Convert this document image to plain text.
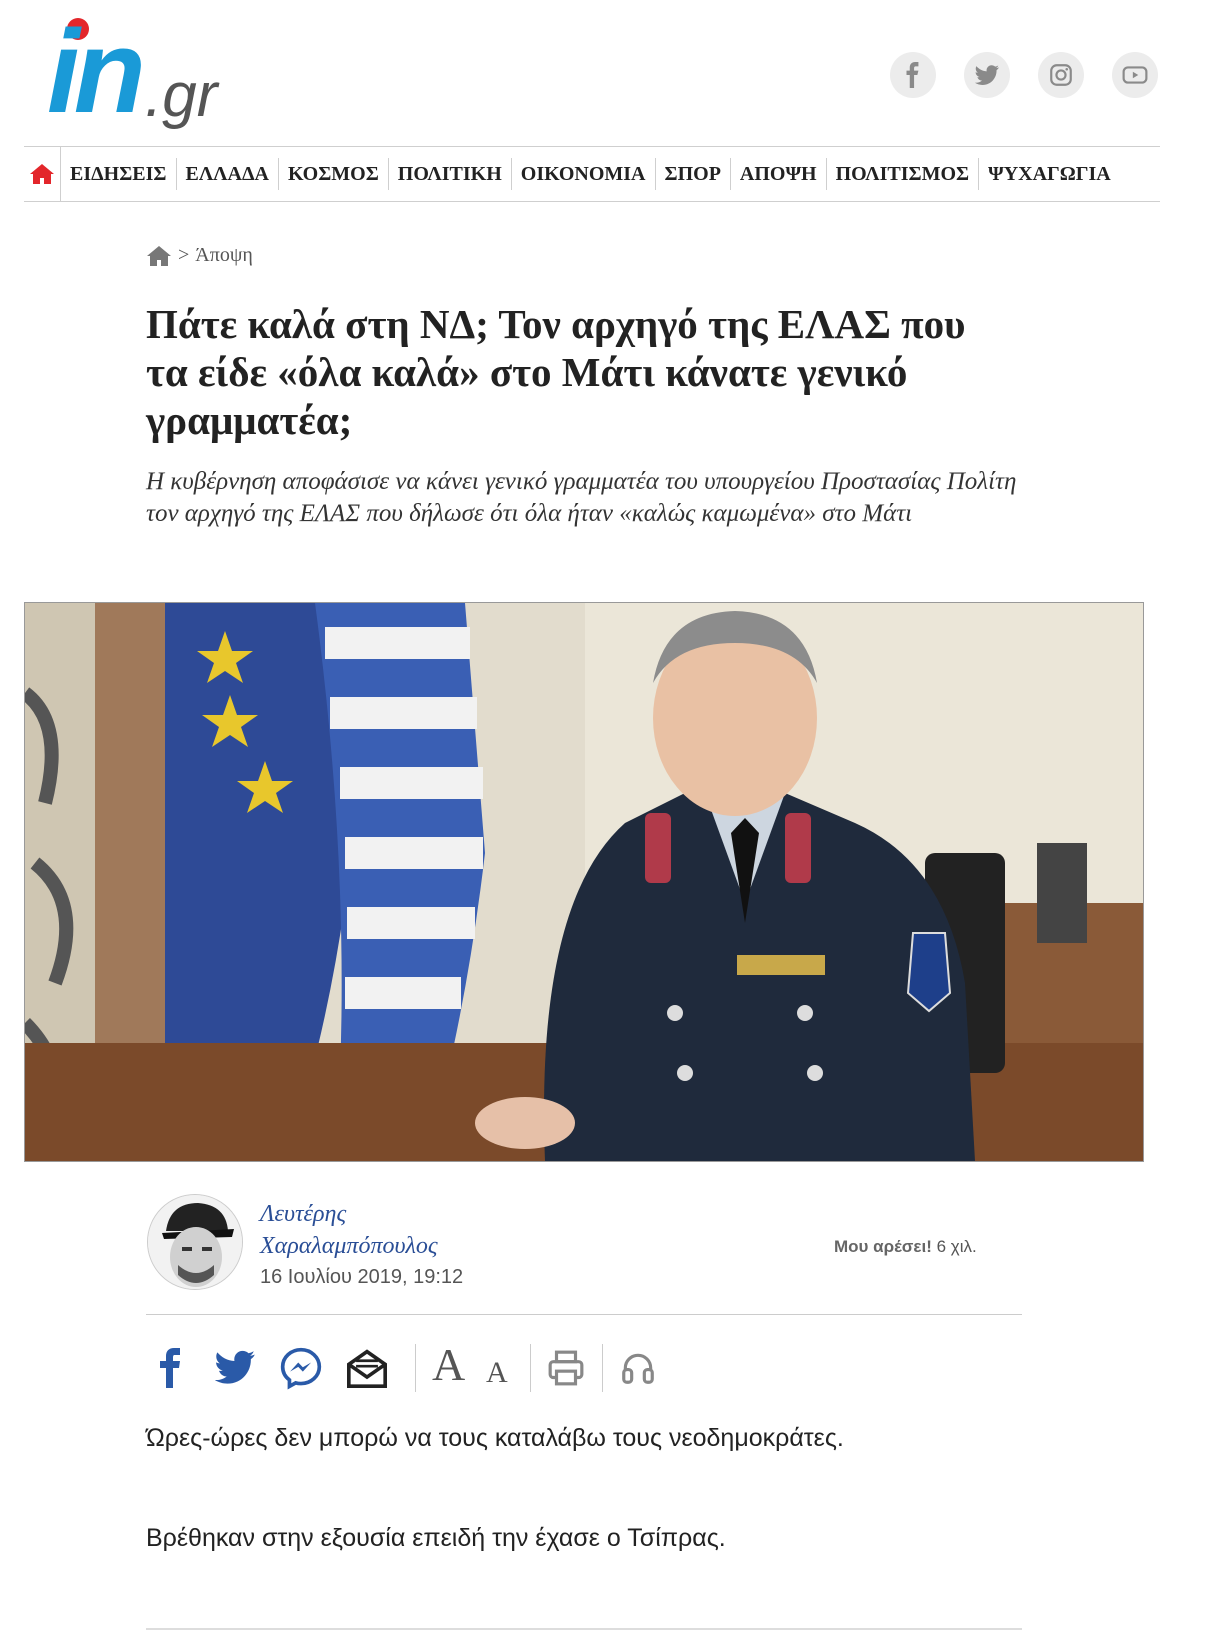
in .gr
ΕΙΔΗΣΕΙΣ ΕΛΛΑΔΑ ΚΟΣΜΟΣ ΠΟΛΙΤΙΚΗ ΟΙΚΟΝΟΜΙΑ ΣΠΟΡ ΑΠΟΨΗ ΠΟΛΙΤΙΣΜΟΣ ΨΥΧΑΓΩΓΙΑ
> Άποψη
Πάτε καλά στη ΝΔ; Τον αρχηγό της ΕΛΑΣ που τα είδε «όλα καλά» στο Μάτι κάνατε γενικό γραμματέα;

Η κυβέρνηση αποφάσισε να κάνει γενικό γραμματέα του υπουργείου Προστασίας Πολίτη τον αρχηγό της ΕΛΑΣ που δήλωσε ότι όλα ήταν «καλώς καμωμένα» στο Μάτι

Λευτέρης Χαραλαμπόπουλος
16 Ιουλίου 2019, 19:12
Μου αρέσει! 6 χιλ.
A A

Ώρες-ώρες δεν μπορώ να τους καταλάβω τους νεοδημοκράτες.

Βρέθηκαν στην εξουσία επειδή την έχασε ο Τσίπρας.
